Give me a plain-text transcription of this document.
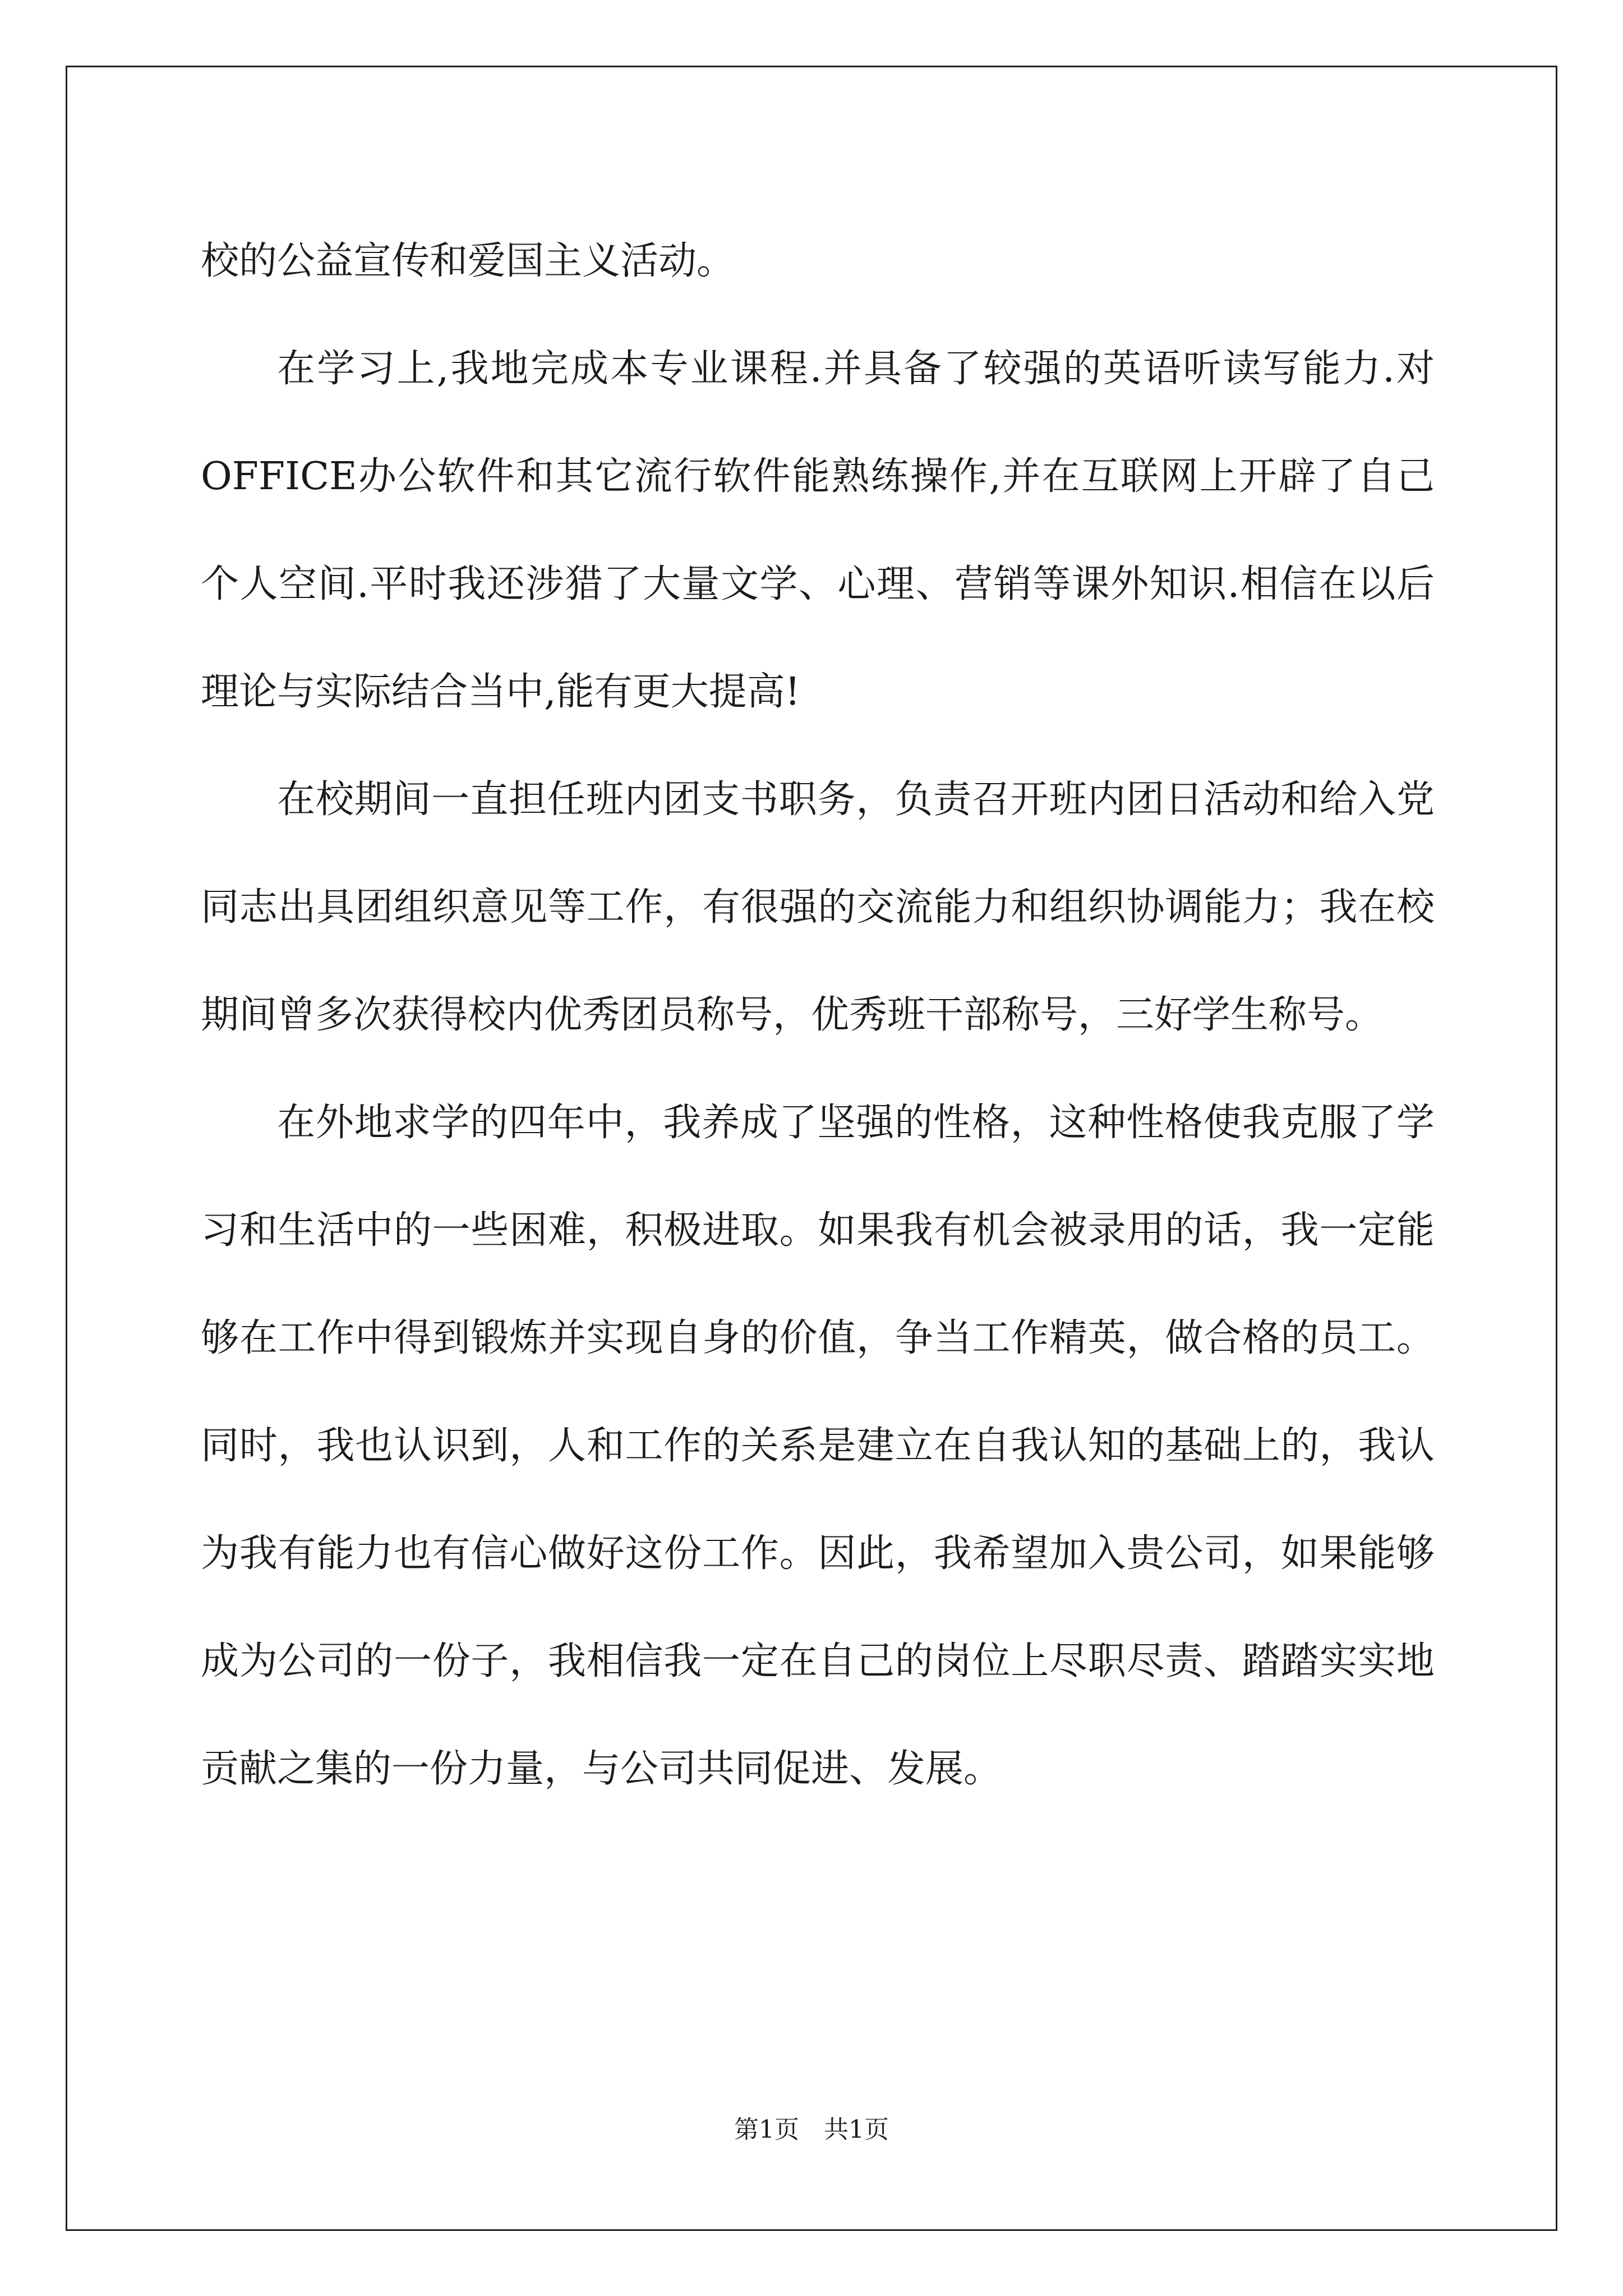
校的公益宣传和爱国主义活动。

在学习上,我地完成本专业课程.并具备了较强的英语听读写能力.对OFFICE办公软件和其它流行软件能熟练操作,并在互联网上开辟了自己个人空间.平时我还涉猎了大量文学、心理、营销等课外知识.相信在以后理论与实际结合当中,能有更大提高!

在校期间一直担任班内团支书职务，负责召开班内团日活动和给入党同志出具团组织意见等工作，有很强的交流能力和组织协调能力；我在校期间曾多次获得校内优秀团员称号，优秀班干部称号，三好学生称号。

在外地求学的四年中，我养成了坚强的性格，这种性格使我克服了学习和生活中的一些困难，积极进取。如果我有机会被录用的话，我一定能够在工作中得到锻炼并实现自身的价值，争当工作精英，做合格的员工。同时，我也认识到，人和工作的关系是建立在自我认知的基础上的，我认为我有能力也有信心做好这份工作。因此，我希望加入贵公司，如果能够成为公司的一份子，我相信我一定在自己的岗位上尽职尽责、踏踏实实地贡献之集的一份力量，与公司共同促进、发展。

第1页　共1页
